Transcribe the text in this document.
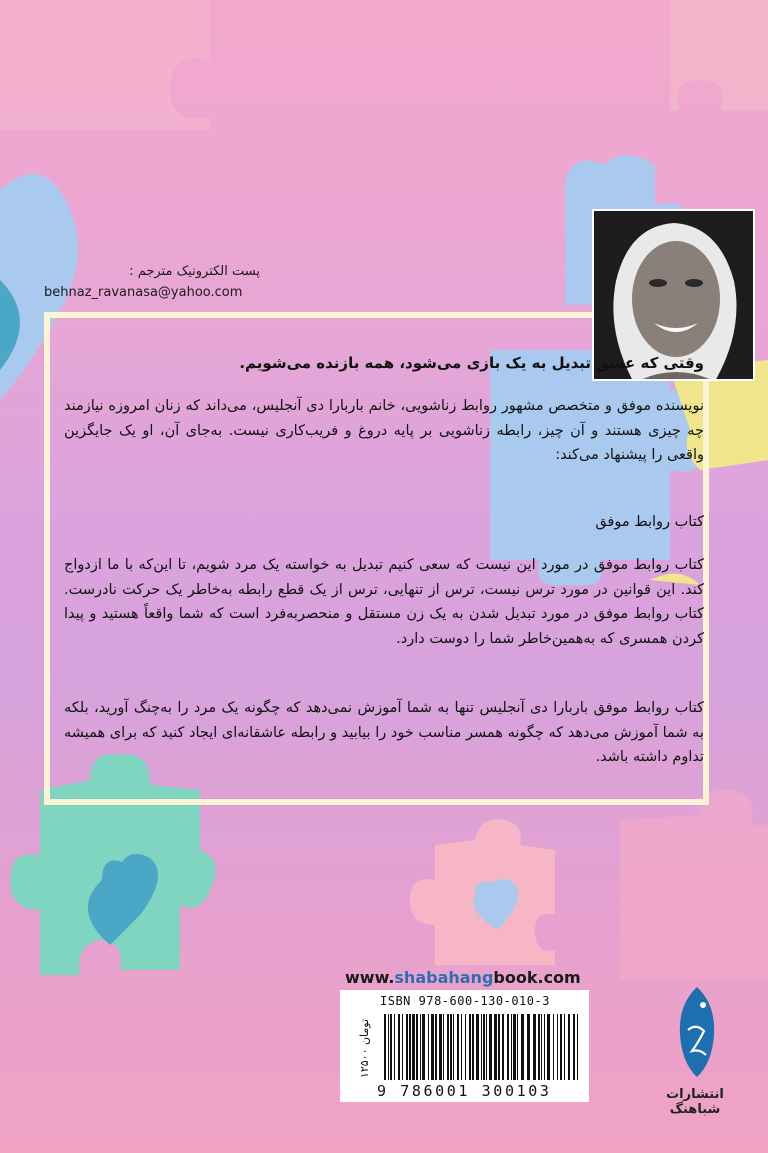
پست الکترونیک مترجم :
behnaz_ravanasa@yahoo.com
وقتی که عشق تبدیل به یک بازی می‌شود، همه بازنده می‌شویم.
نویسنده موفق و متخصص مشهور روابط زناشویی، خانم باربارا دی آنجلیس، می‌داند که زنان امروزه نیازمند چه چیزی هستند و آن چیز، رابطه زناشویی بر پایه دروغ و فریب‌کاری نیست. به‌جای آن، او یک جایگزین واقعی را پیشنهاد می‌کند:
کتاب روابط موفق
کتاب روابط موفق در مورد این نیست که سعی کنیم تبدیل به خواسته یک مرد شویم، تا این‌که با ما ازدواج کند. این قوانین در مورد ترس نیست، ترس از تنهایی، ترس از یک قطع رابطه به‌خاطر یک حرکت نادرست. کتاب روابط موفق در مورد تبدیل شدن به یک زن مستقل و منحصربه‌فرد است که شما واقعاً هستید و پیدا کردن همسری که به‌همین‌خاطر شما را دوست دارد.
کتاب روابط موفق باربارا دی آنجلیس تنها به شما آموزش نمی‌دهد که چگونه یک مرد را به‌چنگ آورید، بلکه به شما آموزش می‌دهد که چگونه همسر مناسب خود را بیابید و رابطه عاشقانه‌ای ایجاد کنید که برای همیشه تداوم داشته باشد.
www.shabahangbook.com
ISBN 978-600-130-010-3
9 786001 300103
۱۲۵۰۰ تومان
انتشارات شباهنگ
